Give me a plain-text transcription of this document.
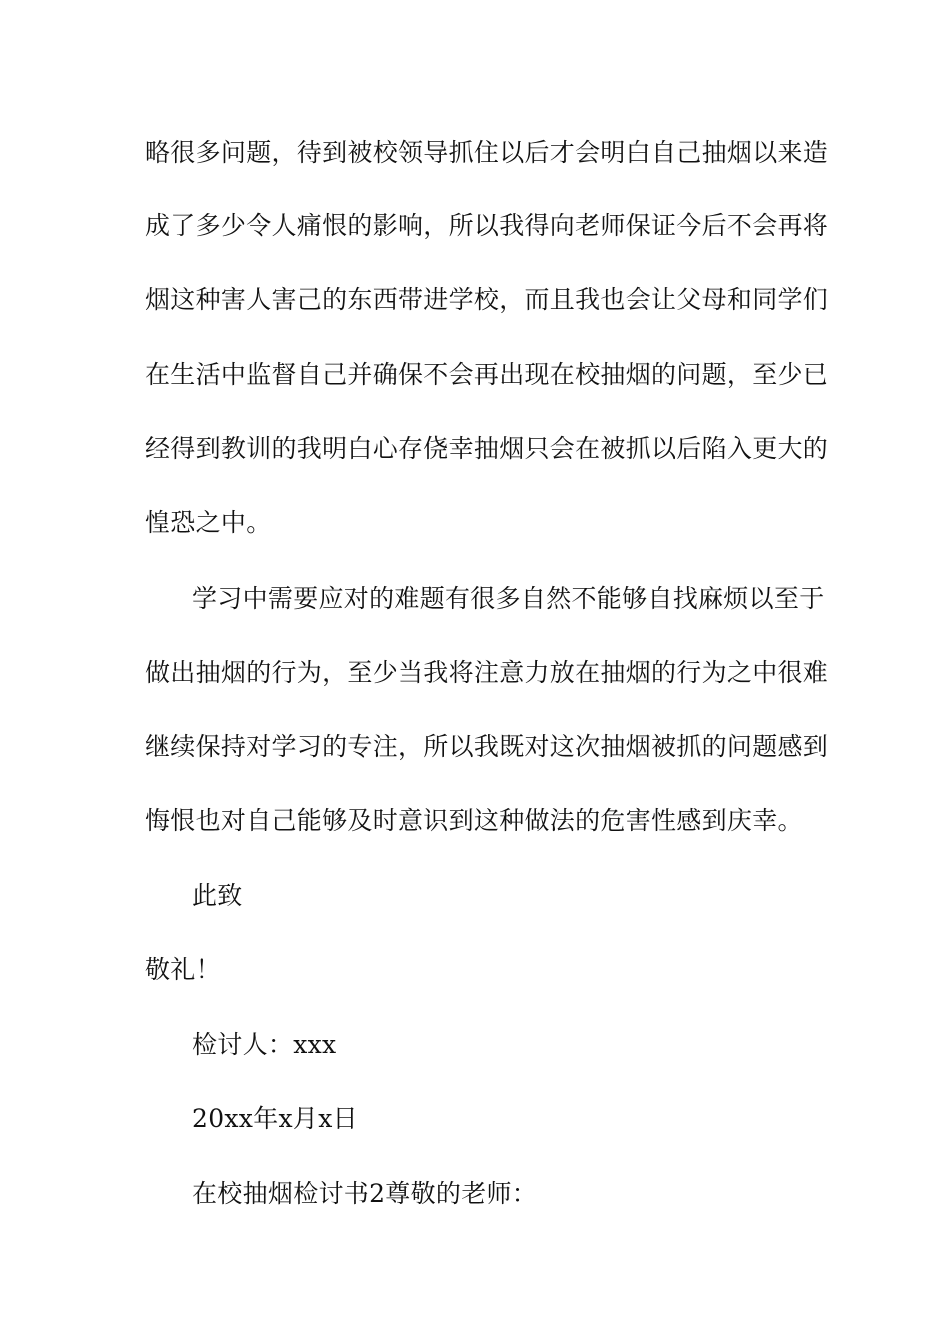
略很多问题，待到被校领导抓住以后才会明白自己抽烟以来造
成了多少令人痛恨的影响，所以我得向老师保证今后不会再将
烟这种害人害己的东西带进学校，而且我也会让父母和同学们
在生活中监督自己并确保不会再出现在校抽烟的问题，至少已
经得到教训的我明白心存侥幸抽烟只会在被抓以后陷入更大的
惶恐之中。
学习中需要应对的难题有很多自然不能够自找麻烦以至于
做出抽烟的行为，至少当我将注意力放在抽烟的行为之中很难
继续保持对学习的专注，所以我既对这次抽烟被抓的问题感到
悔恨也对自己能够及时意识到这种做法的危害性感到庆幸。
此致
敬礼！
检讨人：xxx
20xx年x月x日
在校抽烟检讨书2尊敬的老师：
